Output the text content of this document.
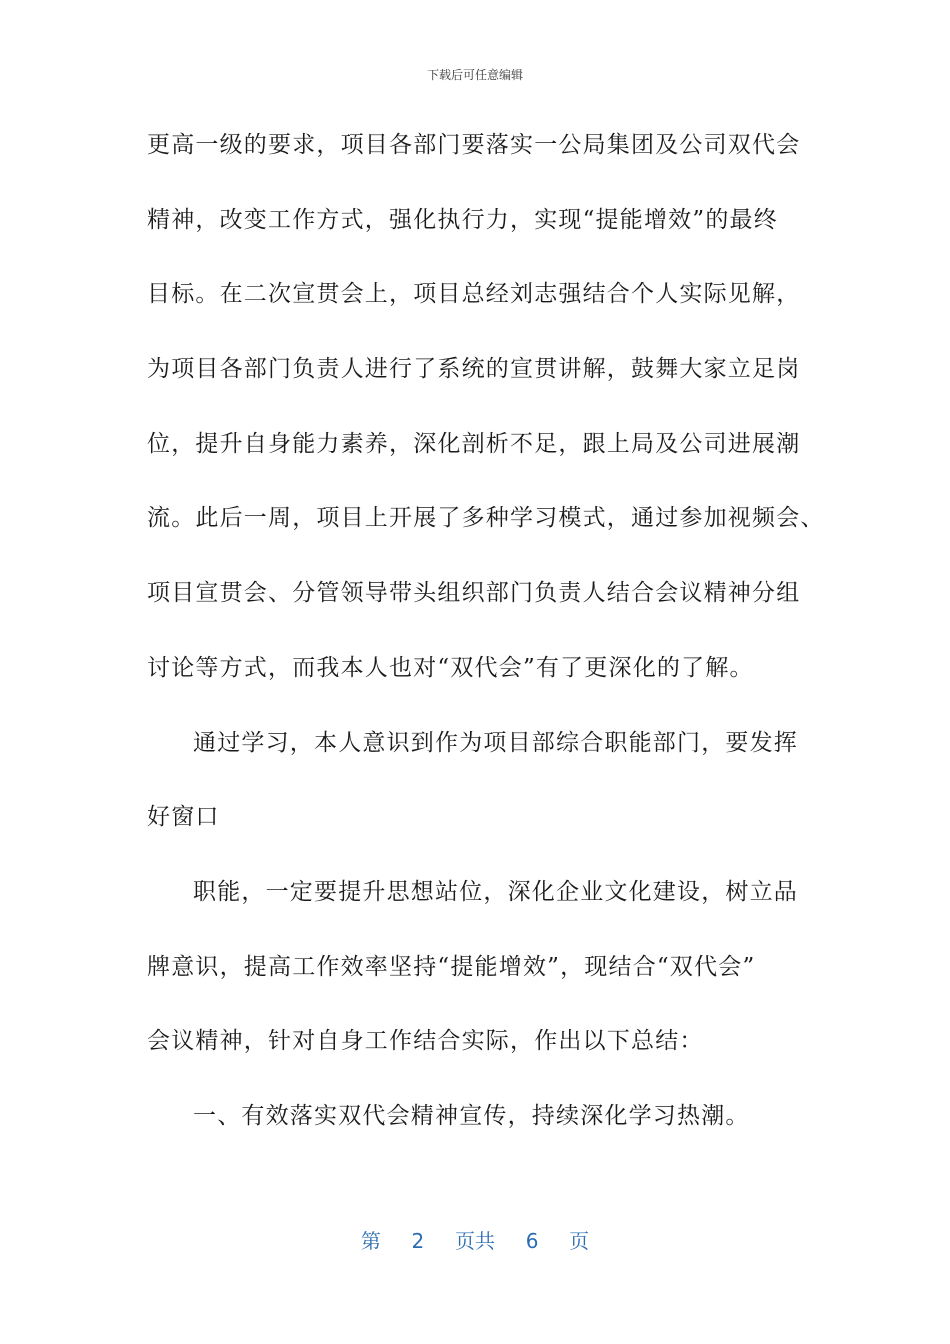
下载后可任意编辑
更高一级的要求，项目各部门要落实一公局集团及公司双代会
精神，改变工作方式，强化执行力，实现“提能增效”的最终
目标。在二次宣贯会上，项目总经刘志强结合个人实际见解，
为项目各部门负责人进行了系统的宣贯讲解，鼓舞大家立足岗
位，提升自身能力素养，深化剖析不足，跟上局及公司进展潮
流。此后一周，项目上开展了多种学习模式，通过参加视频会、
项目宣贯会、分管领导带头组织部门负责人结合会议精神分组
讨论等方式，而我本人也对“双代会”有了更深化的了解。
通过学习，本人意识到作为项目部综合职能部门，要发挥
好窗口
职能，一定要提升思想站位，深化企业文化建设，树立品
牌意识，提高工作效率坚持“提能增效”，现结合“双代会”
会议精神，针对自身工作结合实际，作出以下总结：
一、有效落实双代会精神宣传，持续深化学习热潮。
第 2 页共 6 页
